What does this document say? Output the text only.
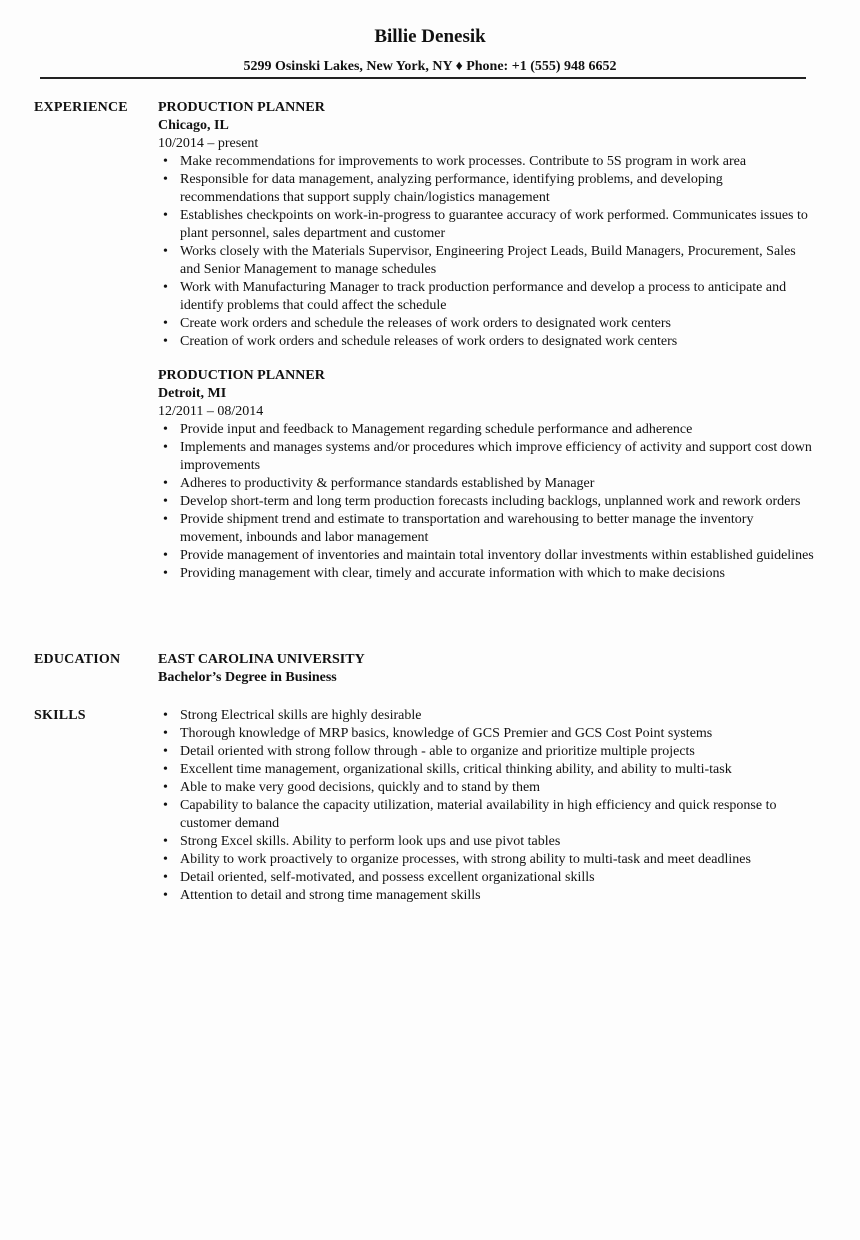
Billie Denesik
5299 Osinski Lakes, New York, NY ♦ Phone: +1 (555) 948 6652
EXPERIENCE PRODUCTION PLANNER
Chicago, IL
10/2014 – present
• Make recommendations for improvements to work processes. Contribute to 5S program in work area
• Responsible for data management, analyzing performance, identifying problems, and developing recommendations that support supply chain/logistics management
• Establishes checkpoints on work-in-progress to guarantee accuracy of work performed. Communicates issues to plant personnel, sales department and customer
• Works closely with the Materials Supervisor, Engineering Project Leads, Build Managers, Procurement, Sales and Senior Management to manage schedules
• Work with Manufacturing Manager to track production performance and develop a process to anticipate and identify problems that could affect the schedule
• Create work orders and schedule the releases of work orders to designated work centers
• Creation of work orders and schedule releases of work orders to designated work centers
PRODUCTION PLANNER
Detroit, MI
12/2011 – 08/2014
• Provide input and feedback to Management regarding schedule performance and adherence
• Implements and manages systems and/or procedures which improve efficiency of activity and support cost down improvements
• Adheres to productivity & performance standards established by Manager
• Develop short-term and long term production forecasts including backlogs, unplanned work and rework orders
• Provide shipment trend and estimate to transportation and warehousing to better manage the inventory movement, inbounds and labor management
• Provide management of inventories and maintain total inventory dollar investments within established guidelines
• Providing management with clear, timely and accurate information with which to make decisions
EDUCATION	EAST CAROLINA UNIVERSITY
Bachelor’s Degree in Business
SKILLS
•	Strong Electrical skills are highly desirable
• Thorough knowledge of MRP basics, knowledge of GCS Premier and GCS Cost Point systems
• Detail oriented with strong follow through - able to organize and prioritize multiple projects
• Excellent time management, organizational skills, critical thinking ability, and ability to multi-task
• Able to make very good decisions, quickly and to stand by them
• Capability to balance the capacity utilization, material availability in high efficiency and quick response to customer demand
• Strong Excel skills. Ability to perform look ups and use pivot tables
• Ability to work proactively to organize processes, with strong ability to multi-task and meet deadlines
• Detail oriented, self-motivated, and possess excellent organizational skills
• Attention to detail and strong time management skills
